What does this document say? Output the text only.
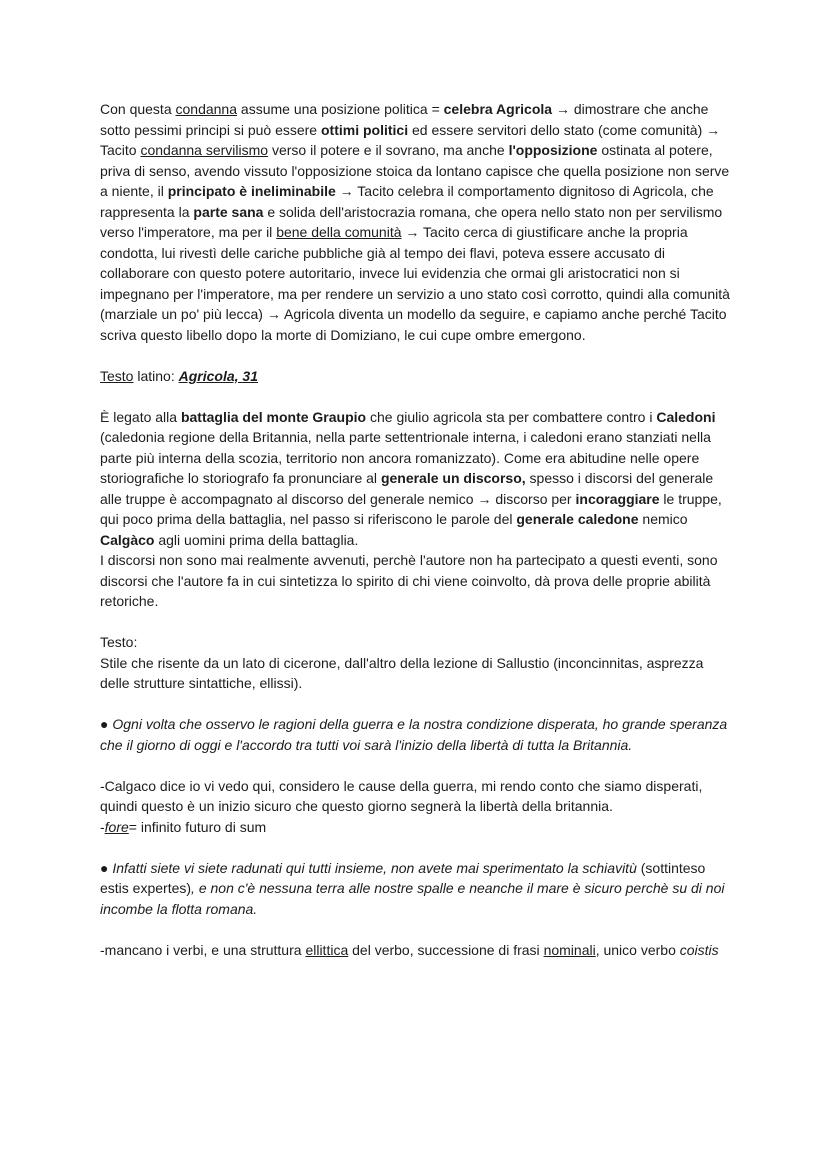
Con questa condanna assume una posizione politica = celebra Agricola → dimostrare che anche sotto pessimi principi si può essere ottimi politici ed essere servitori dello stato (come comunità) → Tacito condanna servilismo verso il potere e il sovrano, ma anche l'opposizione ostinata al potere, priva di senso, avendo vissuto l'opposizione stoica da lontano capisce che quella posizione non serve a niente, il principato è ineliminabile → Tacito celebra il comportamento dignitoso di Agricola, che rappresenta la parte sana e solida dell'aristocrazia romana, che opera nello stato non per servilismo verso l'imperatore, ma per il bene della comunità → Tacito cerca di giustificare anche la propria condotta, lui rivestì delle cariche pubbliche già al tempo dei flavi, poteva essere accusato di collaborare con questo potere autoritario, invece lui evidenzia che ormai gli aristocratici non si impegnano per l'imperatore, ma per rendere un servizio a uno stato così corrotto, quindi alla comunità (marziale un po' più lecca) → Agricola diventa un modello da seguire, e capiamo anche perché Tacito scriva questo libello dopo la morte di Domiziano, le cui cupe ombre emergono.

Testo latino: Agricola, 31

È legato alla battaglia del monte Graupio che giulio agricola sta per combattere contro i Caledoni (caledonia regione della Britannia, nella parte settentrionale interna, i caledoni erano stanziati nella parte più interna della scozia, territorio non ancora romanizzato). Come era abitudine nelle opere storiografiche lo storiografo fa pronunciare al generale un discorso, spesso i discorsi del generale alle truppe è accompagnato al discorso del generale nemico → discorso per incoraggiare le truppe, qui poco prima della battaglia, nel passo si riferiscono le parole del generale caledone nemico Calgàco agli uomini prima della battaglia.

I discorsi non sono mai realmente avvenuti, perchè l'autore non ha partecipato a questi eventi, sono discorsi che l'autore fa in cui sintetizza lo spirito di chi viene coinvolto, dà prova delle proprie abilità retoriche.

Testo:

Stile che risente da un lato di cicerone, dall'altro della lezione di Sallustio (inconcinnitas, asprezza delle strutture sintattiche, ellissi).

● Ogni volta che osservo le ragioni della guerra e la nostra condizione disperata, ho grande speranza che il giorno di oggi e l'accordo tra tutti voi sarà l'inizio della libertà di tutta la Britannia.

-Calgaco dice io vi vedo qui, considero le cause della guerra, mi rendo conto che siamo disperati, quindi questo è un inizio sicuro che questo giorno segnerà la libertà della britannia.
-fore= infinito futuro di sum

● Infatti siete vi siete radunati qui tutti insieme, non avete mai sperimentato la schiavitù (sottinteso estis expertes), e non c'è nessuna terra alle nostre spalle e neanche il mare è sicuro perchè su di noi incombe la flotta romana.

-mancano i verbi, e una struttura ellittica del verbo, successione di frasi nominali, unico verbo coistis
